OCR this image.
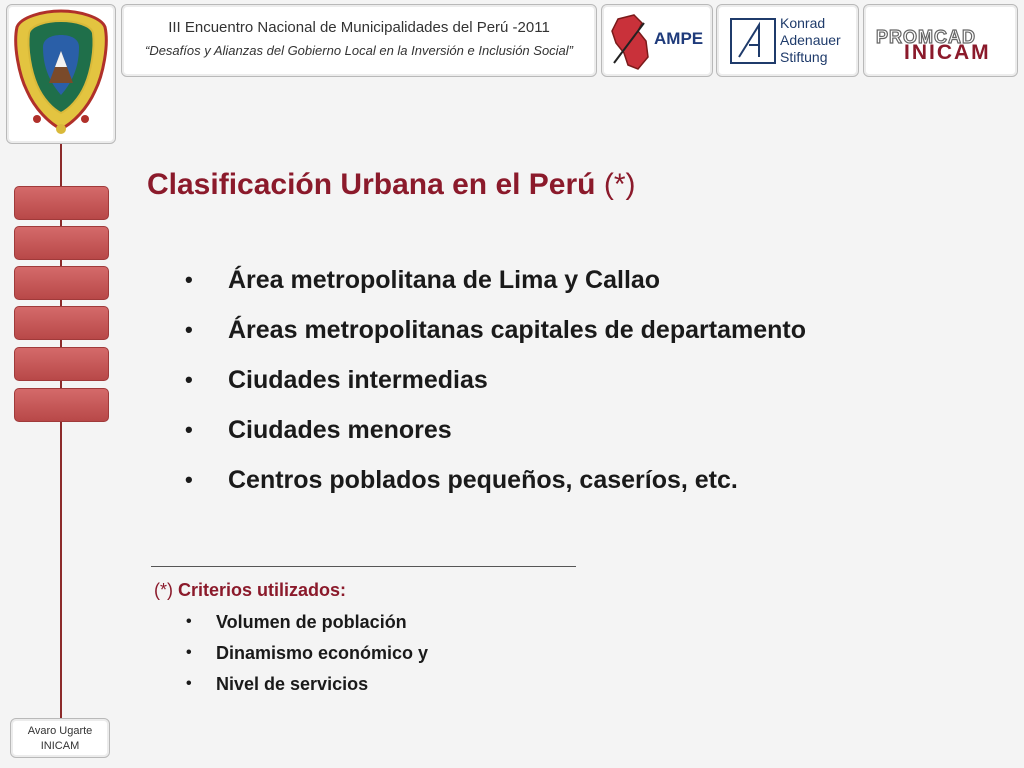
III Encuentro Nacional de Municipalidades del Perú -2011
“Desafíos y Alianzas del Gobierno Local en la Inversión e Inclusión Social”
AMPE
Konrad
Adenauer
Stiftung
PROMCAD
INICAM
Clasificación Urbana en el Perú (*)
• Área metropolitana de Lima y Callao
• Áreas metropolitanas capitales de departamento
• Ciudades intermedias
• Ciudades menores
• Centros poblados pequeños, caseríos, etc.
(*) Criterios utilizados:
• Volumen de población
• Dinamismo económico y
• Nivel de servicios
Avaro Ugarte
INICAM
